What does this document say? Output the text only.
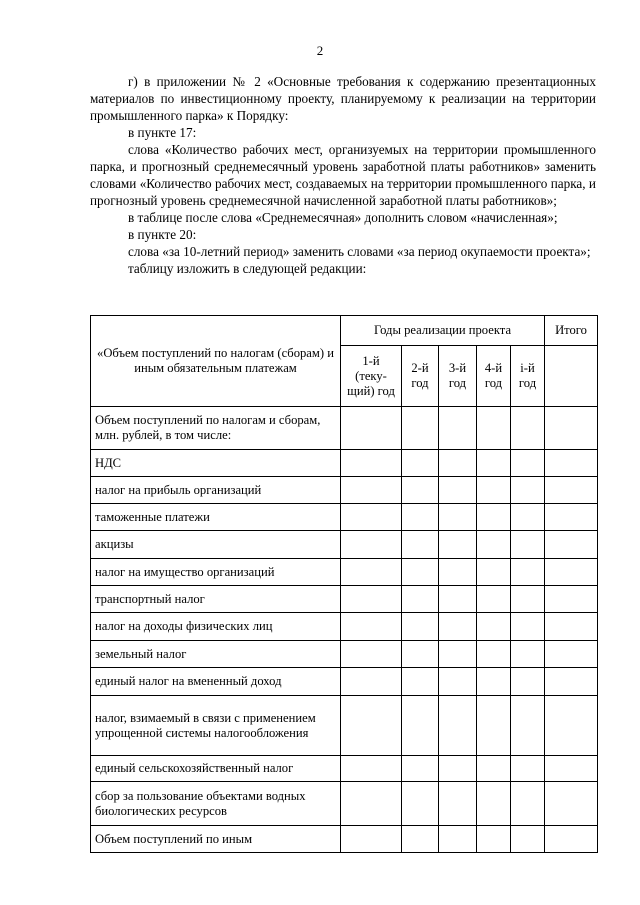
2

г) в приложении № 2 «Основные требования к содержанию презентационных материалов по инвестиционному проекту, планируемому к реализации на территории промышленного парка» к Порядку:

в пункте 17:

слова «Количество рабочих мест, организуемых на территории промышленного парка, и прогнозный среднемесячный уровень заработной платы работников» заменить словами «Количество рабочих мест, создаваемых на территории промышленного парка, и прогнозный уровень среднемесячной начисленной заработной платы работников»;

в таблице после слова «Среднемесячная» дополнить словом «начисленная»;

в пункте 20:

слова «за 10-летний период» заменить словами «за период окупаемости проекта»;

таблицу изложить в следующей редакции:

«Объем поступлений по налогам (сборам) и иным обязательным платежам	Годы реализации проекта					Итого
	1-й (теку-щий) год	2-й год	3-й год	4-й год	i-й год	
Объем поступлений по налогам и сборам, млн. рублей, в том числе:						
НДС						
налог на прибыль организаций						
таможенные платежи						
акцизы						
налог на имущество организаций						
транспортный налог						
налог на доходы физических лиц						
земельный налог						
единый налог на вмененный доход						
налог, взимаемый в связи с применением упрощенной системы налогообложения						
единый сельскохозяйственный налог						
сбор за пользование объектами водных биологических ресурсов						
Объем поступлений по иным						
